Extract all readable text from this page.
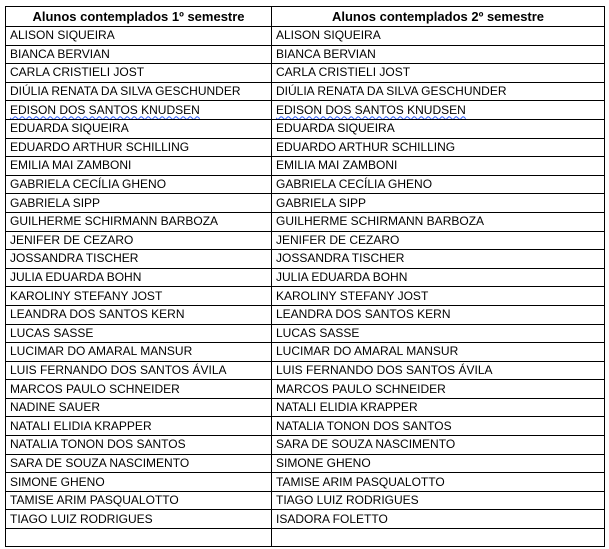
Alunos contemplados 1º semestre	Alunos contemplados 2º semestre
ALISON SIQUEIRA	ALISON SIQUEIRA
BIANCA BERVIAN	BIANCA BERVIAN
CARLA CRISTIELI JOST	CARLA CRISTIELI JOST
DIÚLIA RENATA DA SILVA GESCHUNDER	DIÚLIA RENATA DA SILVA GESCHUNDER
EDISON DOS SANTOS KNUDSEN	EDISON DOS SANTOS KNUDSEN
EDUARDA SIQUEIRA	EDUARDA SIQUEIRA
EDUARDO ARTHUR SCHILLING	EDUARDO ARTHUR SCHILLING
EMILIA MAI ZAMBONI	EMILIA MAI ZAMBONI
GABRIELA CECÍLIA GHENO	GABRIELA CECÍLIA GHENO
GABRIELA SIPP	GABRIELA SIPP
GUILHERME SCHIRMANN BARBOZA	GUILHERME SCHIRMANN BARBOZA
JENIFER DE CEZARO	JENIFER DE CEZARO
JOSSANDRA TISCHER	JOSSANDRA TISCHER
JULIA EDUARDA BOHN	JULIA EDUARDA BOHN
KAROLINY STEFANY JOST	KAROLINY STEFANY JOST
LEANDRA DOS SANTOS KERN	LEANDRA DOS SANTOS KERN
LUCAS SASSE	LUCAS SASSE
LUCIMAR DO AMARAL MANSUR	LUCIMAR DO AMARAL MANSUR
LUIS FERNANDO DOS SANTOS ÁVILA	LUIS FERNANDO DOS SANTOS ÁVILA
MARCOS PAULO SCHNEIDER	MARCOS PAULO SCHNEIDER
NADINE SAUER	NATALI ELIDIA KRAPPER
NATALI ELIDIA KRAPPER	NATALIA TONON DOS SANTOS
NATALIA TONON DOS SANTOS	SARA DE SOUZA NASCIMENTO
SARA DE SOUZA NASCIMENTO	SIMONE GHENO
SIMONE GHENO	TAMISE ARIM PASQUALOTTO
TAMISE ARIM PASQUALOTTO	TIAGO LUIZ RODRIGUES
TIAGO LUIZ RODRIGUES	ISADORA FOLETTO
